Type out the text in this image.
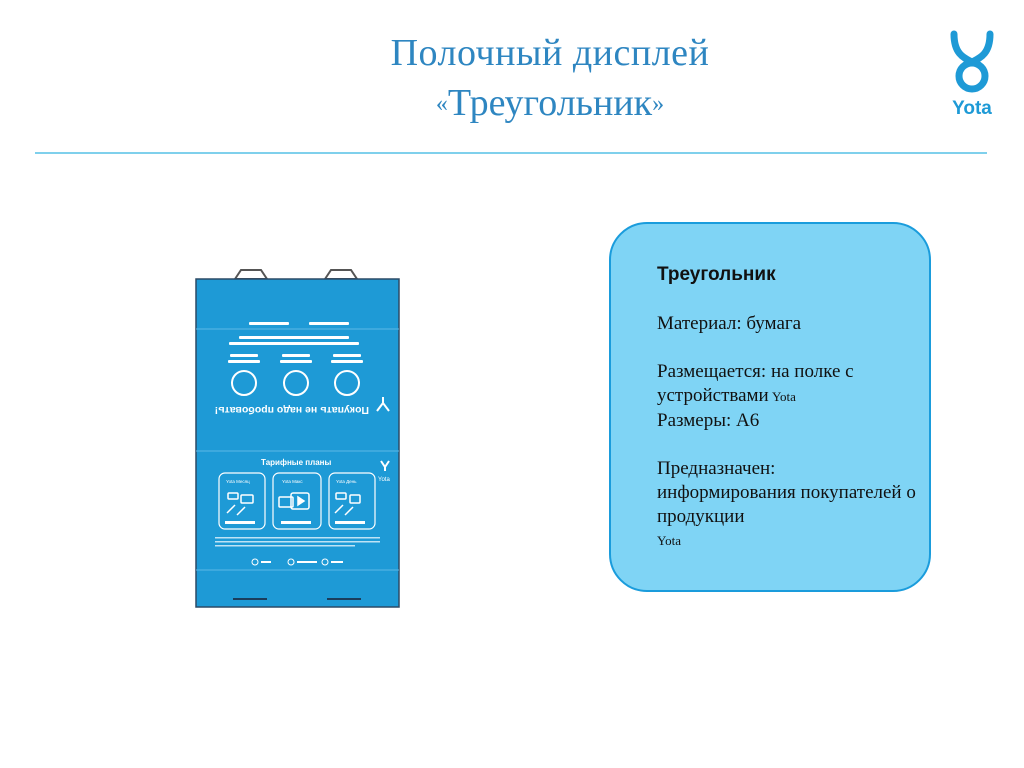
Полочный дисплей
«Треугольник»	Yota
Покупать не надо пробовать!
Тарифные планы
Yota
Yota Месяц	Yota Макс	Yota День
Треугольник
Материал: бумага
Размещается: на полке с устройствами Yota
Размеры: А6
Предназначен:
информирования покупателей о продукции
Yota
